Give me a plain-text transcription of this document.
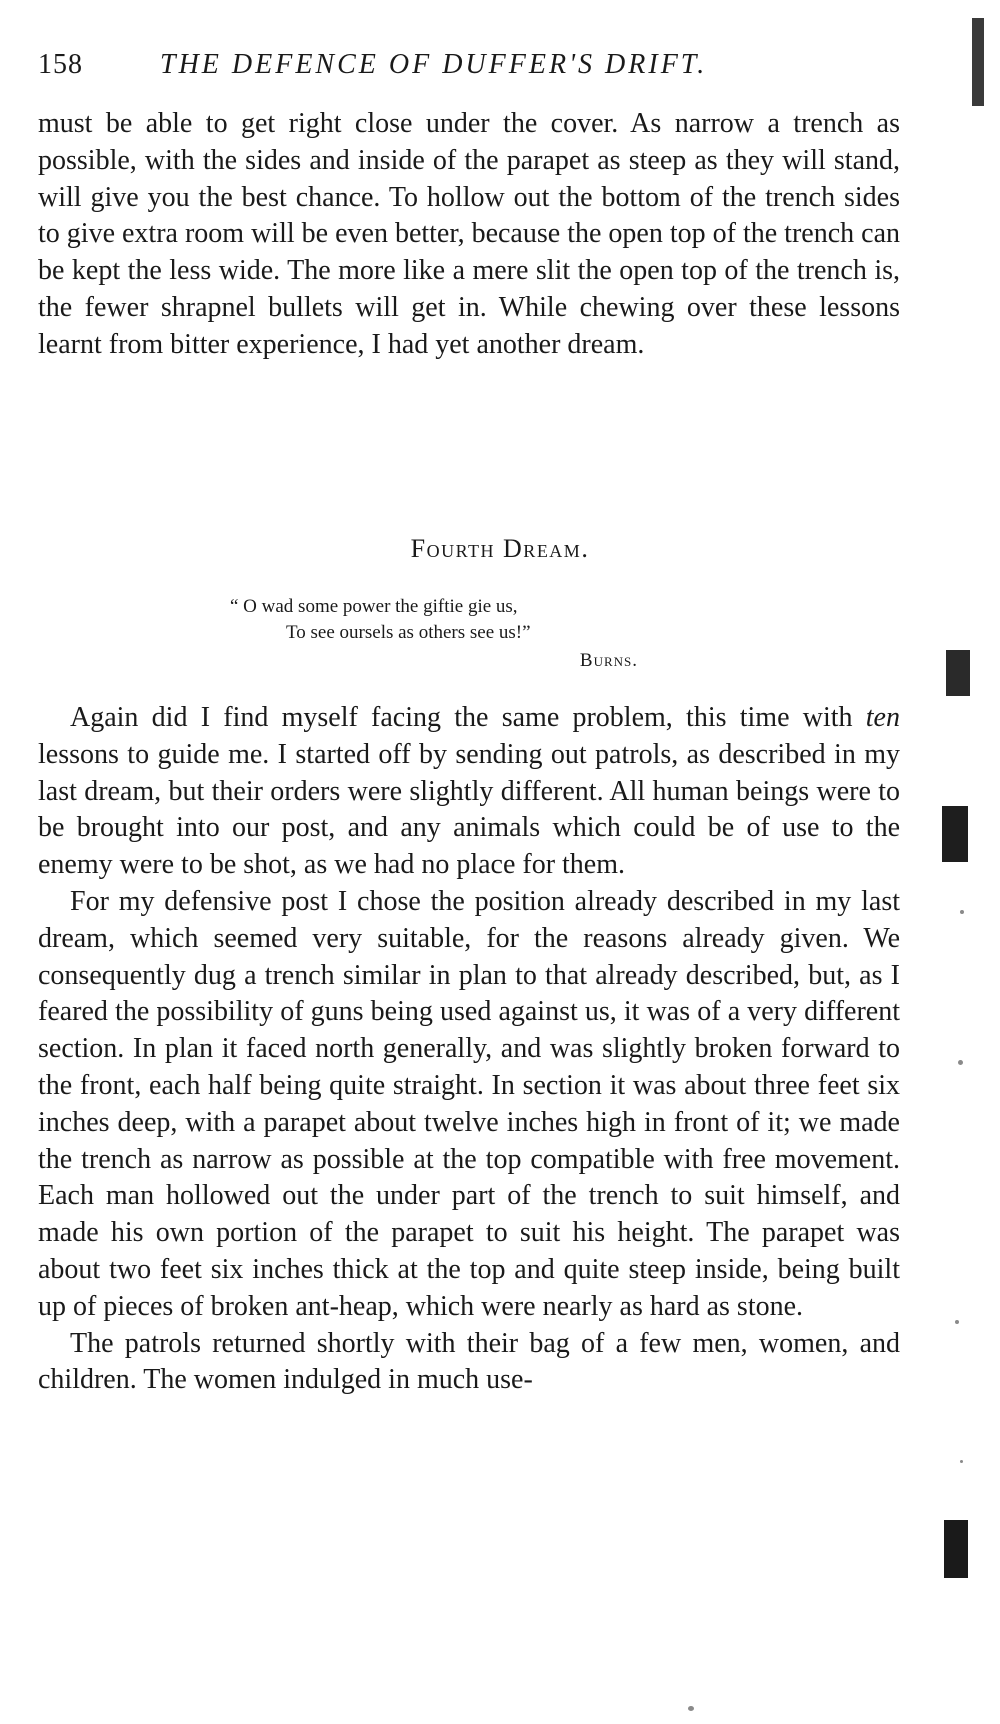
158	THE DEFENCE OF DUFFER'S DRIFT.

must be able to get right close under the cover. As narrow a trench as possible, with the sides and inside of the parapet as steep as they will stand, will give you the best chance. To hollow out the bottom of the trench sides to give extra room will be even better, because the open top of the trench can be kept the less wide. The more like a mere slit the open top of the trench is, the fewer shrapnel bullets will get in. While chewing over these lessons learnt from bitter experience, I had yet another dream.

Fourth Dream.
“ O wad some power the giftie gie us,
To see oursels as others see us!”
Burns.

Again did I find myself facing the same problem, this time with ten lessons to guide me. I started off by sending out patrols, as described in my last dream, but their orders were slightly different. All human beings were to be brought into our post, and any animals which could be of use to the enemy were to be shot, as we had no place for them.

For my defensive post I chose the position already described in my last dream, which seemed very suitable, for the reasons already given. We consequently dug a trench similar in plan to that already described, but, as I feared the possibility of guns being used against us, it was of a very different section. In plan it faced north generally, and was slightly broken forward to the front, each half being quite straight. In section it was about three feet six inches deep, with a parapet about twelve inches high in front of it; we made the trench as narrow as possible at the top compatible with free movement. Each man hollowed out the under part of the trench to suit himself, and made his own portion of the parapet to suit his height. The parapet was about two feet six inches thick at the top and quite steep inside, being built up of pieces of broken ant-heap, which were nearly as hard as stone.

The patrols returned shortly with their bag of a few men, women, and children. The women indulged in much use-
